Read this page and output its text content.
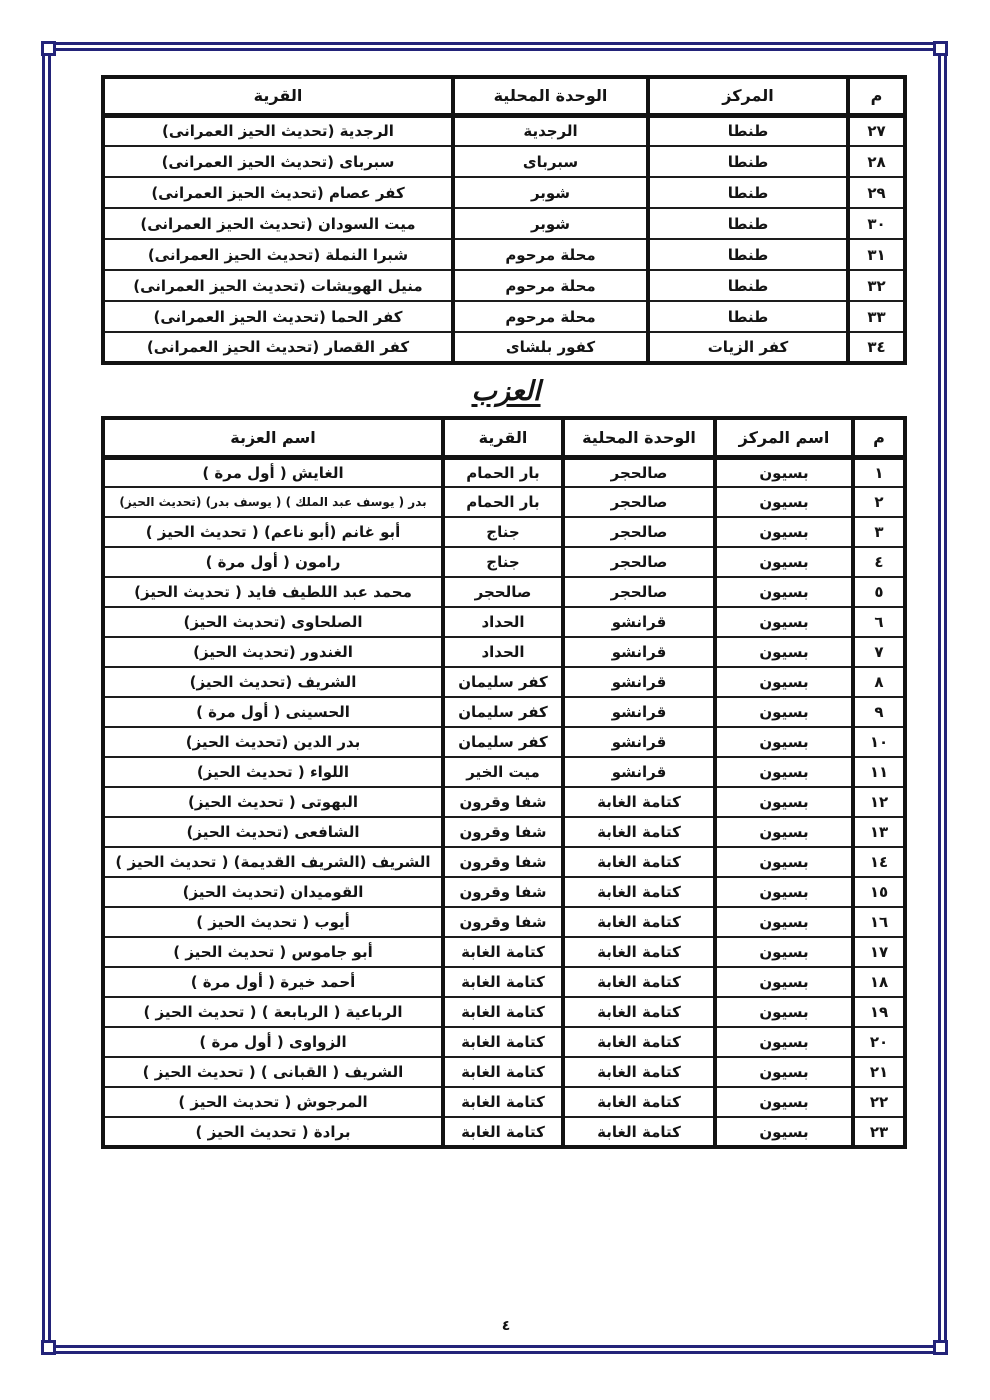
م	المركز	الوحدة المحلية	القرية
٢٧	طنطا	الرجدية	الرجدية (تحديث الحيز العمرانى)
٢٨	طنطا	سبرباى	سبرباى (تحديث الحيز العمرانى)
٢٩	طنطا	شوبر	كفر عصام (تحديث الحيز العمرانى)
٣٠	طنطا	شوبر	ميت السودان (تحديث الحيز العمرانى)
٣١	طنطا	محلة مرحوم	شبرا النملة (تحديث الحيز العمرانى)
٣٢	طنطا	محلة مرحوم	منيل الهويشات (تحديث الحيز العمرانى)
٣٣	طنطا	محلة مرحوم	كفر الحما (تحديث الحيز العمرانى)
٣٤	كفر الزيات	كفور بلشاى	كفر القصار (تحديث الحيز العمرانى)
العزب
م	اسم المركز	الوحدة المحلية	القرية	اسم العزبة
١	بسيون	صالحجر	بار الحمام	الغايش ( أول مرة )
٢	بسيون	صالحجر	بار الحمام	بدر ( يوسف عبد الملك ) ( يوسف بدر) (تحديث الحيز)
٣	بسيون	صالحجر	جناج	أبو غانم (أبو ناعم) ( تحديث الحيز )
٤	بسيون	صالحجر	جناج	رامون ( أول مرة )
٥	بسيون	صالحجر	صالحجر	محمد عبد اللطيف فايد ( تحديث الحيز)
٦	بسيون	قرانشو	الحداد	الصلحاوى (تحديث الحيز)
٧	بسيون	قرانشو	الحداد	الغندور (تحديث الحيز)
٨	بسيون	قرانشو	كفر سليمان	الشريف (تحديث الحيز)
٩	بسيون	قرانشو	كفر سليمان	الحسينى ( أول مرة )
١٠	بسيون	قرانشو	كفر سليمان	بدر الدين (تحديث الحيز)
١١	بسيون	قرانشو	ميت الخير	اللواء ( تحديث الحيز)
١٢	بسيون	كتامة الغابة	شفا وقرون	البهوتى ( تحديث الحيز)
١٣	بسيون	كتامة الغابة	شفا وقرون	الشافعى (تحديث الحيز)
١٤	بسيون	كتامة الغابة	شفا وقرون	الشريف (الشريف القديمة) ( تحديث الحيز )
١٥	بسيون	كتامة الغابة	شفا وقرون	القوميدان (تحديث الحيز)
١٦	بسيون	كتامة الغابة	شفا وقرون	أيوب ( تحديث الحيز )
١٧	بسيون	كتامة الغابة	كتامة الغابة	أبو جاموس ( تحديث الحيز )
١٨	بسيون	كتامة الغابة	كتامة الغابة	أحمد خيرة ( أول مرة )
١٩	بسيون	كتامة الغابة	كتامة الغابة	الرباعية ( الربابعة ) ( تحديث الحيز )
٢٠	بسيون	كتامة الغابة	كتامة الغابة	الزواوى ( أول مرة )
٢١	بسيون	كتامة الغابة	كتامة الغابة	الشريف ( القبانى ) ( تحديث الحيز )
٢٢	بسيون	كتامة الغابة	كتامة الغابة	المرجوش ( تحديث الحيز )
٢٣	بسيون	كتامة الغابة	كتامة الغابة	برادة ( تحديث الحيز )
٤
